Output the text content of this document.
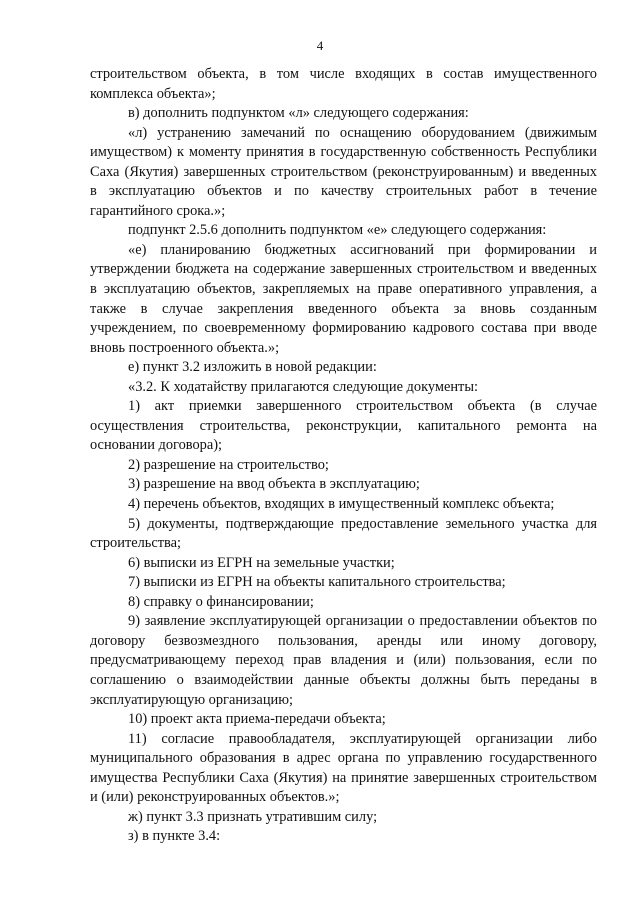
4

строительством объекта, в том числе входящих в состав имущественного комплекса объекта»;

в) дополнить подпунктом «л» следующего содержания:

«л) устранению замечаний по оснащению оборудованием (движимым имуществом) к моменту принятия в государственную собственность Республики Саха (Якутия) завершенных строительством (реконструированным) и введенных в эксплуатацию объектов и по качеству строительных работ в течение гарантийного срока.»;

подпункт 2.5.6 дополнить подпунктом «е» следующего содержания:

«е) планированию бюджетных ассигнований при формировании и утверждении бюджета на содержание завершенных строительством и введенных в эксплуатацию объектов, закрепляемых на праве оперативного управления, а также в случае закрепления введенного объекта за вновь созданным учреждением, по своевременному формированию кадрового состава при вводе вновь построенного объекта.»;

е) пункт 3.2 изложить в новой редакции:

«3.2. К ходатайству прилагаются следующие документы:

1) акт приемки завершенного строительством объекта (в случае осуществления строительства, реконструкции, капитального ремонта на основании договора);

2) разрешение на строительство;

3) разрешение на ввод объекта в эксплуатацию;

4) перечень объектов, входящих в имущественный комплекс объекта;

5) документы, подтверждающие предоставление земельного участка для строительства;

6) выписки из ЕГРН на земельные участки;

7) выписки из ЕГРН на объекты капитального строительства;

8) справку о финансировании;

9) заявление эксплуатирующей организации о предоставлении объектов по договору безвозмездного пользования, аренды или иному договору, предусматривающему переход прав владения и (или) пользования, если по соглашению о взаимодействии данные объекты должны быть переданы в эксплуатирующую организацию;

10) проект акта приема-передачи объекта;

11) согласие правообладателя, эксплуатирующей организации либо муниципального образования в адрес органа по управлению государственного имущества Республики Саха (Якутия) на принятие завершенных строительством и (или) реконструированных объектов.»;

ж) пункт 3.3 признать утратившим силу;

з) в пункте 3.4:
